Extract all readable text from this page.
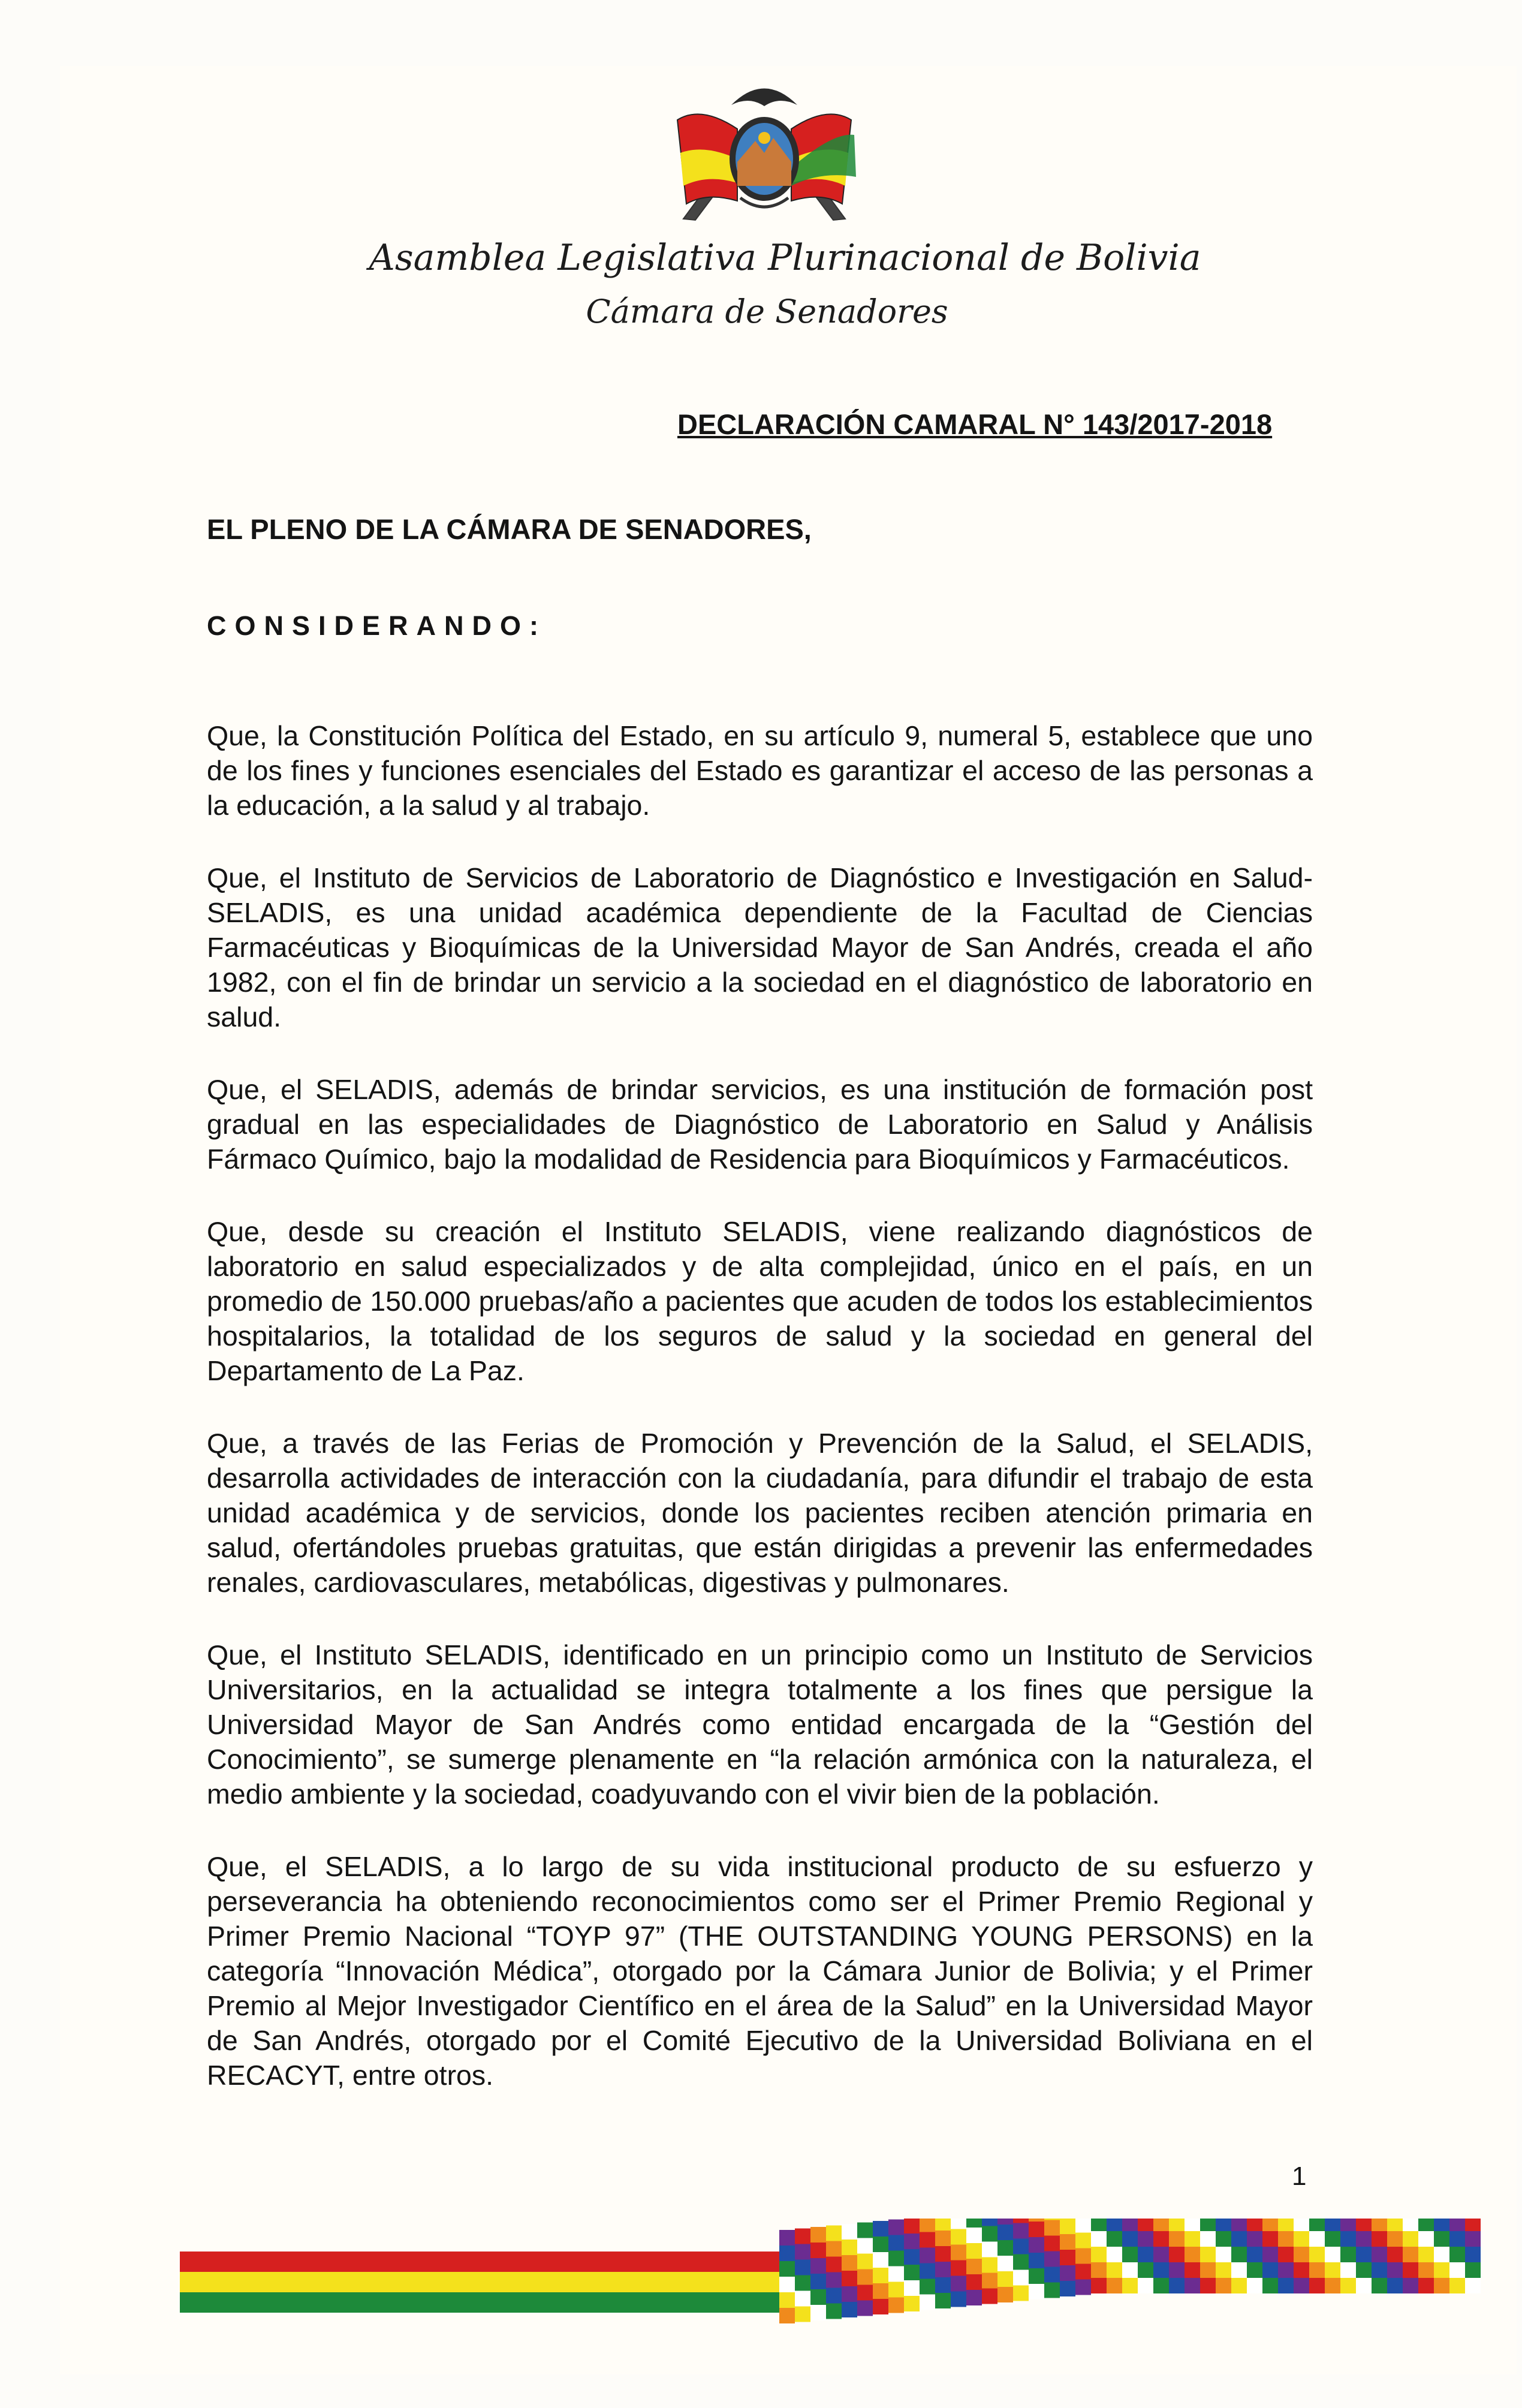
Asamblea Legislativa Plurinacional de Bolivia
Cámara de Senadores
DECLARACIÓN CAMARAL N° 143/2017-2018
EL PLENO DE LA CÁMARA DE SENADORES,
CONSIDERANDO:

Que, la Constitución Política del Estado, en su artículo 9, numeral 5, establece que uno de los fines y funciones esenciales del Estado es garantizar el acceso de las personas a la educación, a la salud y al trabajo.

Que, el Instituto de Servicios de Laboratorio de Diagnóstico e Investigación en Salud- SELADIS, es una unidad académica dependiente de la Facultad de Ciencias Farmacéuticas y Bioquímicas de la Universidad Mayor de San Andrés, creada el año 1982, con el fin de brindar un servicio a la sociedad en el diagnóstico de laboratorio en salud.

Que, el SELADIS, además de brindar servicios, es una institución de formación post gradual en las especialidades de Diagnóstico de Laboratorio en Salud y Análisis Fármaco Químico, bajo la modalidad de Residencia para Bioquímicos y Farmacéuticos.

Que, desde su creación el Instituto SELADIS, viene realizando diagnósticos de laboratorio en salud especializados y de alta complejidad, único en el país, en un promedio de 150.000 pruebas/año a pacientes que acuden de todos los establecimientos hospitalarios, la totalidad de los seguros de salud y la sociedad en general del Departamento de La Paz.

Que, a través de las Ferias de Promoción y Prevención de la Salud, el SELADIS, desarrolla actividades de interacción con la ciudadanía, para difundir el trabajo de esta unidad académica y de servicios, donde los pacientes reciben atención primaria en salud, ofertándoles pruebas gratuitas, que están dirigidas a prevenir las enfermedades renales, cardiovasculares, metabólicas, digestivas y pulmonares.

Que, el Instituto SELADIS, identificado en un principio como un Instituto de Servicios Universitarios, en la actualidad se integra totalmente a los fines que persigue la Universidad Mayor de San Andrés como entidad encargada de la “Gestión del Conocimiento”, se sumerge plenamente en “la relación armónica con la naturaleza, el medio ambiente y la sociedad, coadyuvando con el vivir bien de la población.

Que, el SELADIS, a lo largo de su vida institucional producto de su esfuerzo y perseverancia ha obteniendo reconocimientos como ser el Primer Premio Regional y Primer Premio Nacional “TOYP 97” (THE OUTSTANDING YOUNG PERSONS) en la categoría “Innovación Médica”, otorgado por la Cámara Junior de Bolivia; y el Primer Premio al Mejor Investigador Científico en el área de la Salud” en la Universidad Mayor de San Andrés, otorgado por el Comité Ejecutivo de la Universidad Boliviana en el RECACYT, entre otros.

1
